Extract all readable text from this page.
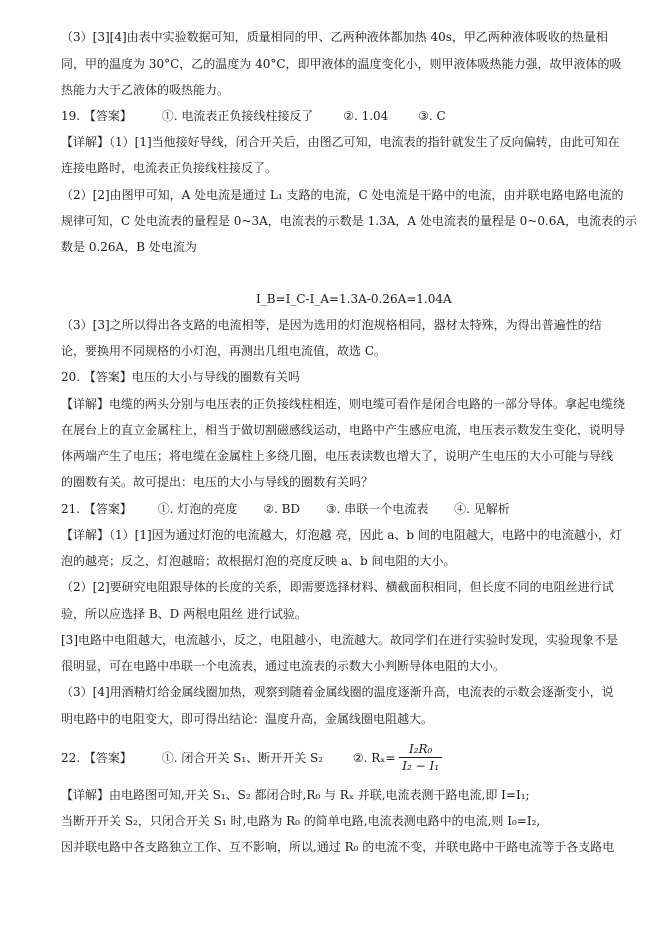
（3）[3][4]由表中实验数据可知，质量相同的甲、乙两种液体都加热 40s，甲乙两种液体吸收的热量相
同，甲的温度为 30°C，乙的温度为 40°C，即甲液体的温度变化小，则甲液体吸热能力强，故甲液体的吸
热能力大于乙液体的吸热能力。
19. 【答案】 ①. 电流表正负接线柱接反了 ②. 1.04 ③. C
【详解】（1）[1]当他接好导线，闭合开关后，由图乙可知，电流表的指针就发生了反向偏转，由此可知在
连接电路时，电流表正负接线柱接反了。
（2）[2]由图甲可知，A 处电流是通过 L₁ 支路的电流，C 处电流是干路中的电流，由并联电路电路电流的
规律可知，C 处电流表的量程是 0~3A，电流表的示数是 1.3A，A 处电流表的量程是 0~0.6A，电流表的示
数是 0.26A，B 处电流为
I_B=I_C-I_A=1.3A-0.26A=1.04A
（3）[3]之所以得出各支路的电流相等，是因为选用的灯泡规格相同，器材太特殊，为得出普遍性的结
论，要换用不同规格的小灯泡，再测出几组电流值，故选 C。
20. 【答案】电压的大小与导线的圈数有关吗
【详解】电缆的两头分别与电压表的正负接线柱相连，则电缆可看作是闭合电路的一部分导体。拿起电缆绕
在展台上的直立金属柱上，相当于做切割磁感线运动，电路中产生感应电流，电压表示数发生变化，说明导
体两端产生了电压；将电缆在金属柱上多绕几圈，电压表读数也增大了，说明产生电压的大小可能与导线
的圈数有关。故可提出：电压的大小与导线的圈数有关吗？
21. 【答案】 ①. 灯泡的亮度 ②. BD ③. 串联一个电流表 ④. 见解析
【详解】（1）[1]因为通过灯泡的电流越大，灯泡越 亮，因此 a、b 间的电阻越大，电路中的电流越小，灯
泡的越亮；反之，灯泡越暗；故根据灯泡的亮度反映 a、b 间电阻的大小。
（2）[2]要研究电阻跟导体的长度的关系，即需要选择材料、横截面积相同，但长度不同的电阻丝进行试
验，所以应选择 B、D 两根电阻丝 进行试验。
[3]电路中电阻越大，电流越小，反之，电阻越小，电流越大。故同学们在进行实验时发现，实验现象不是
很明显，可在电路中串联一个电流表，通过电流表的示数大小判断导体电阻的大小。
（3）[4]用酒精灯给金属线圈加热，观察到随着金属线圈的温度逐渐升高，电流表的示数会逐渐变小，说
明电路中的电阻变大，即可得出结论：温度升高，金属线圈电阻越大。
22. 【答案】 ①. 闭合开关 S₁、断开开关 S₂ ②. $R_x= \frac{\text{I₂R₀}}{\text{I₂ − I₁}}$
【详解】由电路图可知,开关 S₁、S₂ 都闭合时,R₀ 与 Rₓ 并联,电流表测干路电流,即 I=I₁;
当断开开关 S₂，只闭合开关 S₁ 时,电路为 R₀ 的简单电路,电流表测电路中的电流,则 I₀=I₂,
因并联电路中各支路独立工作、互不影响，所以,通过 R₀ 的电流不变，并联电路中干路电流等于各支路电
